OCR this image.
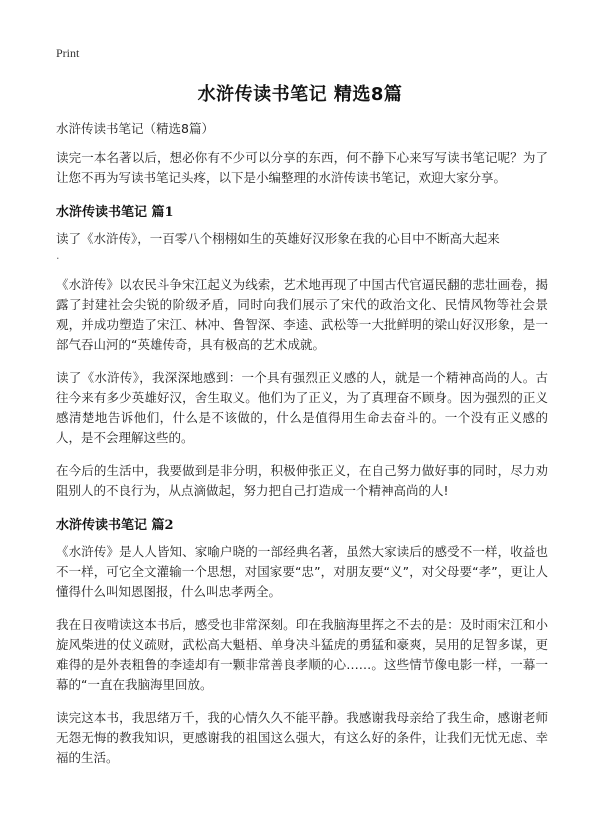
Print
水浒传读书笔记 精选8篇

水浒传读书笔记（精选8篇）

读完一本名著以后，想必你有不少可以分享的东西，何不静下心来写写读书笔记呢？为了让您不再为写读书笔记头疼，以下是小编整理的水浒传读书笔记，欢迎大家分享。

水浒传读书笔记 篇1

读了《水浒传》，一百零八个栩栩如生的英雄好汉形象在我的心目中不断高大起来

.

《水浒传》以农民斗争宋江起义为线索，艺术地再现了中国古代官逼民翻的悲壮画卷，揭露了封建社会尖锐的阶级矛盾，同时向我们展示了宋代的政治文化、民情风物等社会景观，并成功塑造了宋江、林冲、鲁智深、李逵、武松等一大批鲜明的梁山好汉形象，是一部气吞山河的“英雄传奇，具有极高的艺术成就。

读了《水浒传》，我深深地感到：一个具有强烈正义感的人，就是一个精神高尚的人。古往今来有多少英雄好汉，舍生取义。他们为了正义，为了真理奋不顾身。因为强烈的正义感清楚地告诉他们，什么是不该做的，什么是值得用生命去奋斗的。一个没有正义感的人，是不会理解这些的。

在今后的生活中，我要做到是非分明，积极伸张正义，在自己努力做好事的同时，尽力劝阻别人的不良行为，从点滴做起，努力把自己打造成一个精神高尚的人!

水浒传读书笔记 篇2

《水浒传》是人人皆知、家喻户晓的一部经典名著，虽然大家读后的感受不一样，收益也不一样，可它全文灌输一个思想，对国家要“忠”，对朋友要“义”，对父母要“孝”，更让人懂得什么叫知恩图报，什么叫忠孝两全。

我在日夜啃读这本书后，感受也非常深刻。印在我脑海里挥之不去的是：及时雨宋江和小旋风柴进的仗义疏财，武松高大魁梧、单身决斗猛虎的勇猛和豪爽，吴用的足智多谋，更难得的是外表粗鲁的李逵却有一颗非常善良孝顺的心……。这些情节像电影一样，一幕一幕的“一直在我脑海里回放。

读完这本书，我思绪万千，我的心情久久不能平静。我感谢我母亲给了我生命，感谢老师无怨无悔的教我知识，更感谢我的祖国这么强大，有这么好的条件，让我们无忧无虑、幸福的生活。
